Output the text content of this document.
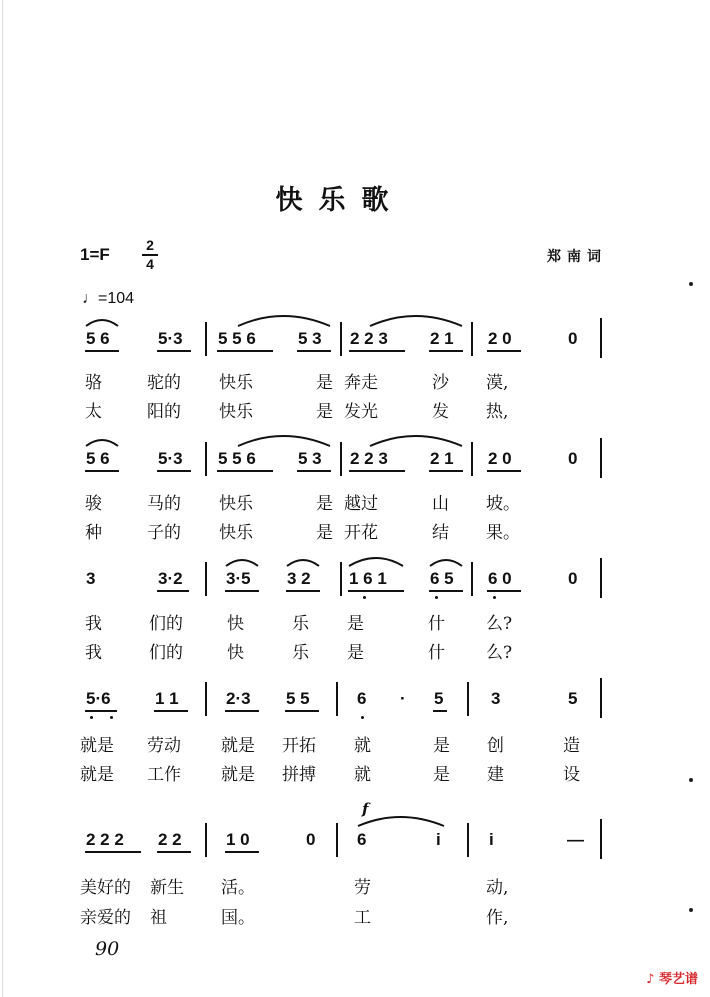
快乐歌
1=F	2
4	郑南词
♩=104
5 6	5·3 5 5 6 5 3 2 2 3 2 1 2 0	0
骆	驼的 快乐	是 奔走	沙 漠,
太	阳的 快乐	是 发光	发 热,
5 6	5·3 5 5 6 5 3 2 2 3 2 1 2 0	0
骏	马的 快乐	是 越过	山 坡。
种	子的 快乐	是 开花	结 果。
3	3·2	3·5 3 2 1 6 1	6 5 6 0	0
我	们的	快	乐 是	什 么?
我	们的	快	乐 是	什 么?
5·6	1 1	2·3 5 5	6 · 5	3	5
就是 劳动 就是 开拓 就	是 创	造
就是 工作 就是 拼搏 就	是 建	设
f
2 2 2 2 2	1 0	0 6	i	i	—
美好的 新生 活。	劳	动,
亲爱的 祖	国。	工	作,
90
♪ 琴艺谱
